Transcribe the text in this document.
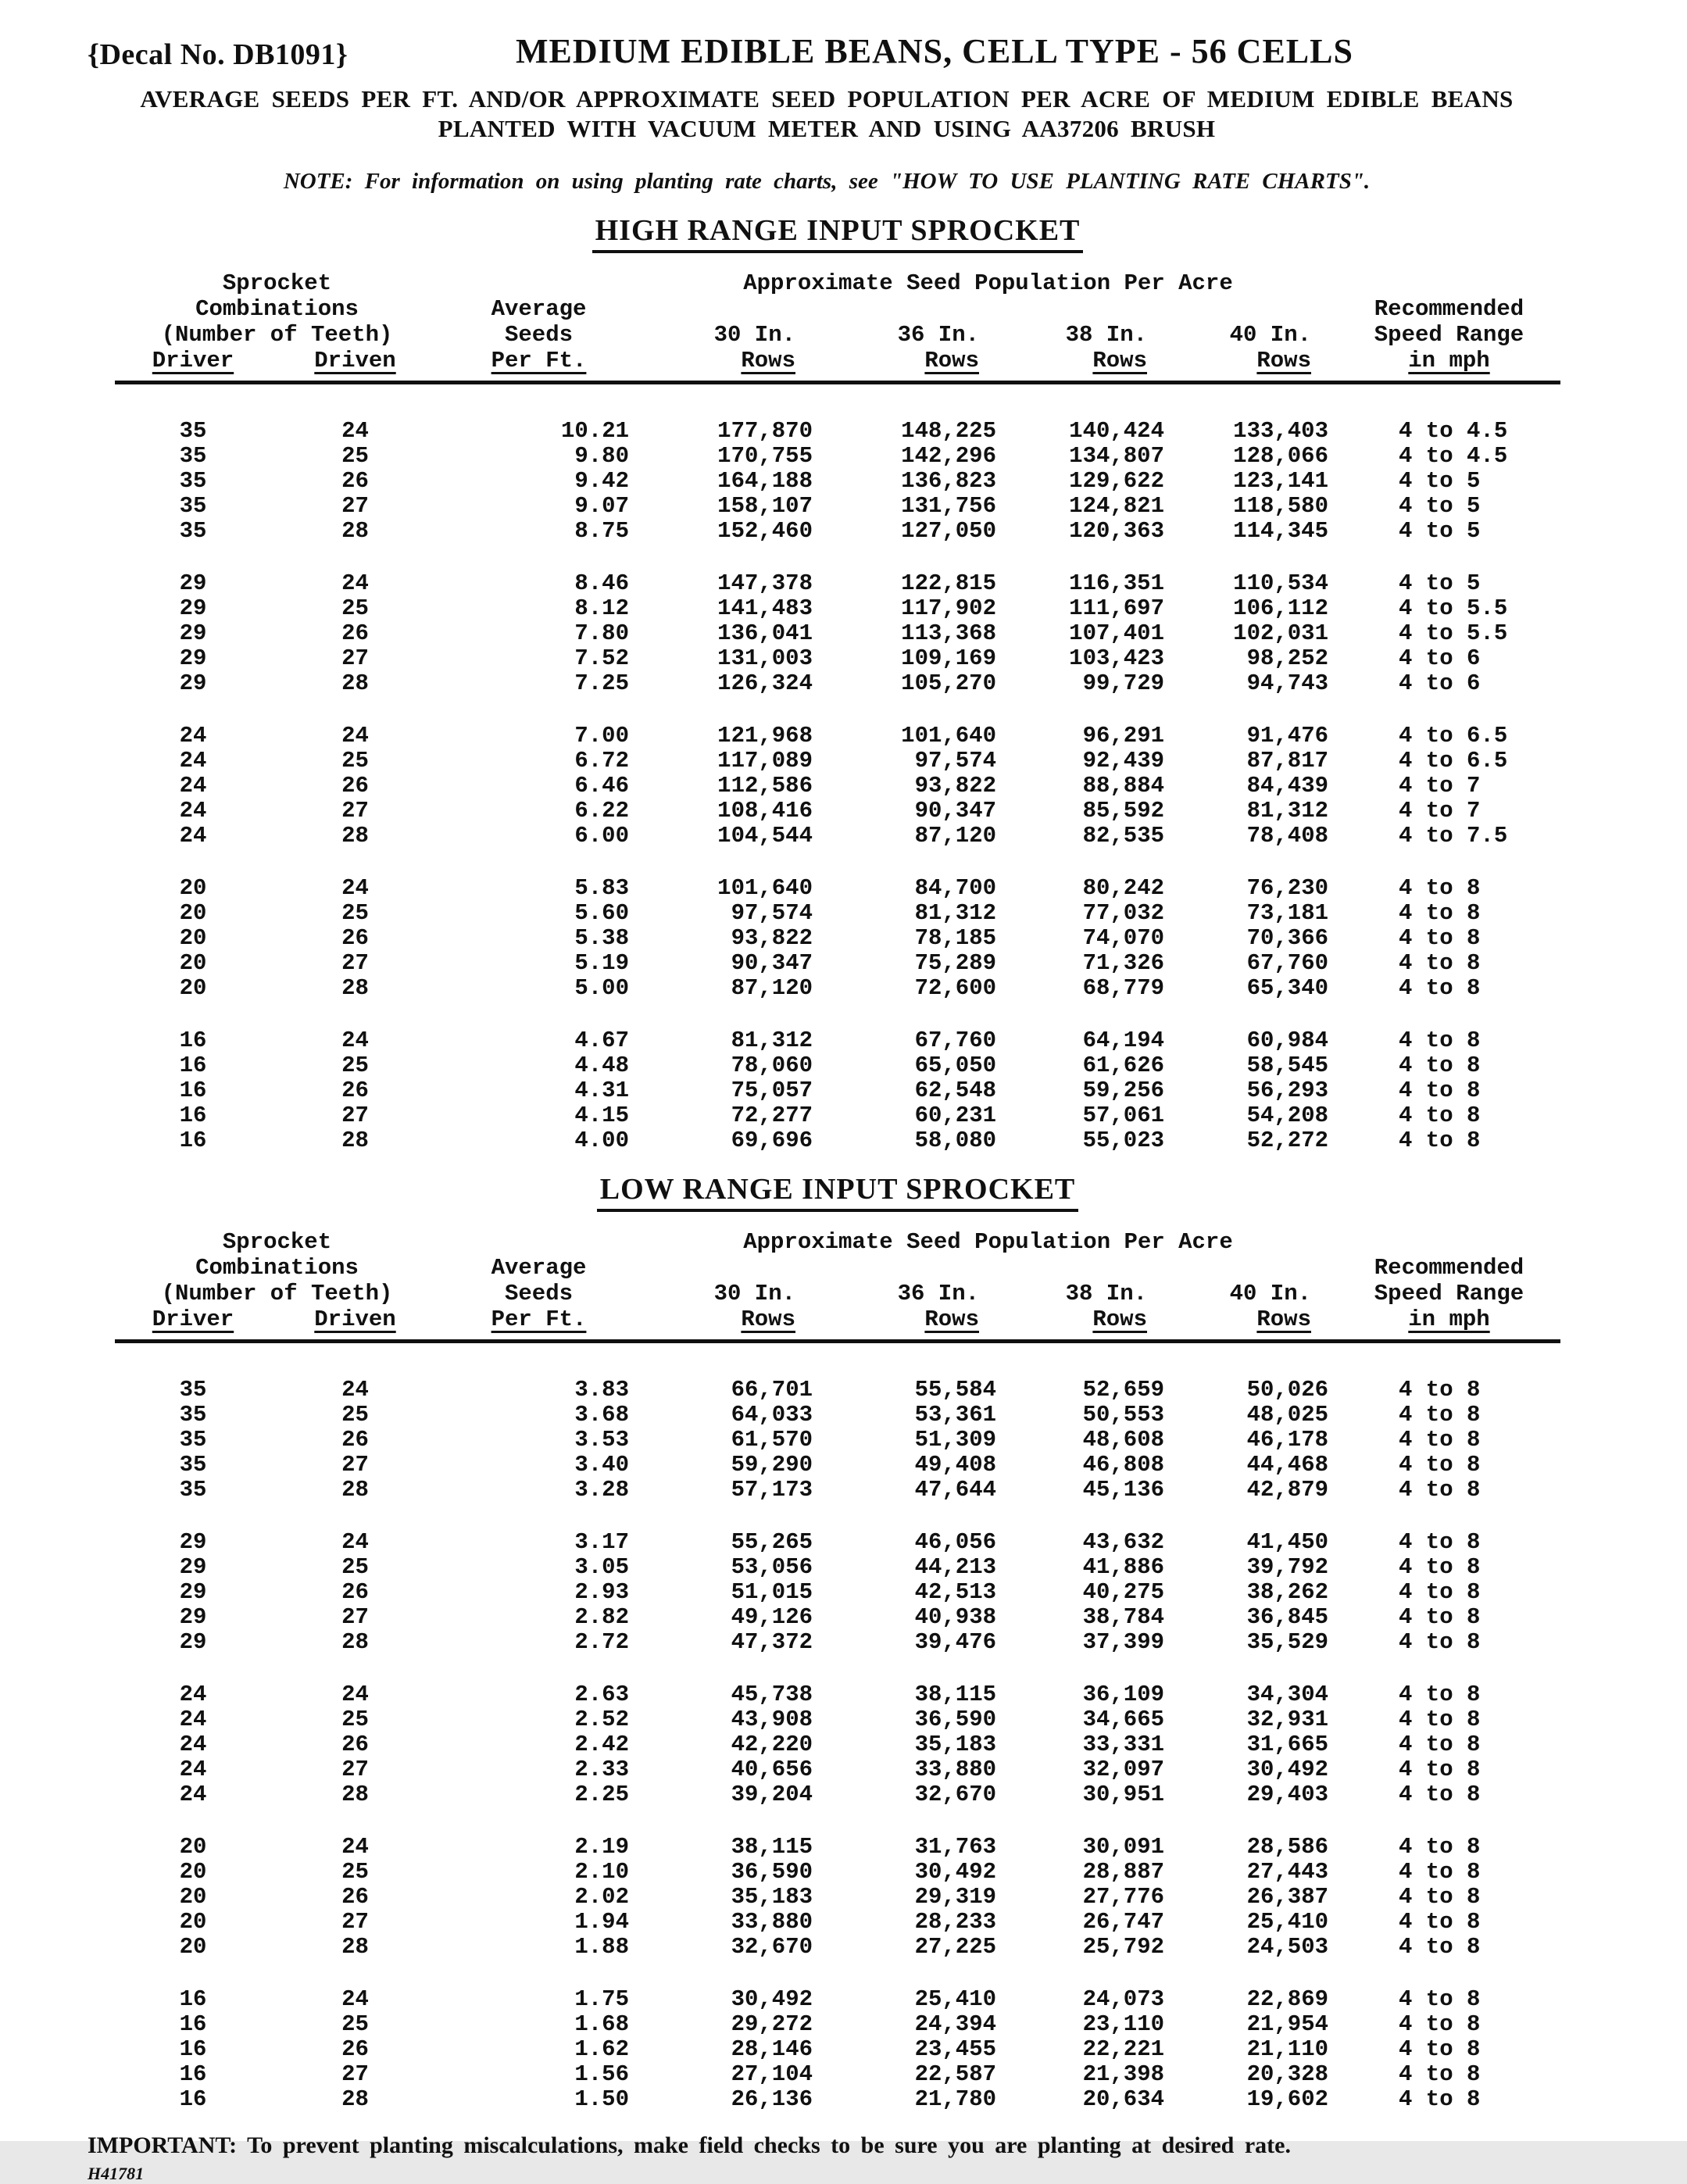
{Decal No. DB1091}	MEDIUM EDIBLE BEANS, CELL TYPE - 56 CELLS
AVERAGE SEEDS PER FT. AND/OR APPROXIMATE SEED POPULATION PER ACRE OF MEDIUM EDIBLE BEANS
PLANTED WITH VACUUM METER AND USING AA37206 BRUSH
NOTE: For information on using planting rate charts, see "HOW TO USE PLANTING RATE CHARTS".
HIGH RANGE INPUT SPROCKET
Sprocket	Approximate Seed Population Per Acre
Combinations	Average	Recommended
(Number of Teeth)	Seeds	30 In.	36 In.	38 In.	40 In.	Speed Range
Driver	Driven	Per Ft.	Rows	Rows	Rows	Rows	in mph
35	24	10.21	177,870	148,225	140,424	133,403	4 to 4.5
35	25	9.80	170,755	142,296	134,807	128,066	4 to 4.5
35	26	9.42	164,188	136,823	129,622	123,141	4 to 5
35	27	9.07	158,107	131,756	124,821	118,580	4 to 5
35	28	8.75	152,460	127,050	120,363	114,345	4 to 5
29	24	8.46	147,378	122,815	116,351	110,534	4 to 5
29	25	8.12	141,483	117,902	111,697	106,112	4 to 5.5
29	26	7.80	136,041	113,368	107,401	102,031	4 to 5.5
29	27	7.52	131,003	109,169	103,423	98,252	4 to 6
29	28	7.25	126,324	105,270	99,729	94,743	4 to 6
24	24	7.00	121,968	101,640	96,291	91,476	4 to 6.5
24	25	6.72	117,089	97,574	92,439	87,817	4 to 6.5
24	26	6.46	112,586	93,822	88,884	84,439	4 to 7
24	27	6.22	108,416	90,347	85,592	81,312	4 to 7
24	28	6.00	104,544	87,120	82,535	78,408	4 to 7.5
20	24	5.83	101,640	84,700	80,242	76,230	4 to 8
20	25	5.60	97,574	81,312	77,032	73,181	4 to 8
20	26	5.38	93,822	78,185	74,070	70,366	4 to 8
20	27	5.19	90,347	75,289	71,326	67,760	4 to 8
20	28	5.00	87,120	72,600	68,779	65,340	4 to 8
16	24	4.67	81,312	67,760	64,194	60,984	4 to 8
16	25	4.48	78,060	65,050	61,626	58,545	4 to 8
16	26	4.31	75,057	62,548	59,256	56,293	4 to 8
16	27	4.15	72,277	60,231	57,061	54,208	4 to 8
16	28	4.00	69,696	58,080	55,023	52,272	4 to 8
LOW RANGE INPUT SPROCKET
Sprocket	Approximate Seed Population Per Acre
Combinations	Average	Recommended
(Number of Teeth)	Seeds	30 In.	36 In.	38 In.	40 In.	Speed Range
Driver	Driven	Per Ft.	Rows	Rows	Rows	Rows	in mph
35	24	3.83	66,701	55,584	52,659	50,026	4 to 8
35	25	3.68	64,033	53,361	50,553	48,025	4 to 8
35	26	3.53	61,570	51,309	48,608	46,178	4 to 8
35	27	3.40	59,290	49,408	46,808	44,468	4 to 8
35	28	3.28	57,173	47,644	45,136	42,879	4 to 8
29	24	3.17	55,265	46,056	43,632	41,450	4 to 8
29	25	3.05	53,056	44,213	41,886	39,792	4 to 8
29	26	2.93	51,015	42,513	40,275	38,262	4 to 8
29	27	2.82	49,126	40,938	38,784	36,845	4 to 8
29	28	2.72	47,372	39,476	37,399	35,529	4 to 8
24	24	2.63	45,738	38,115	36,109	34,304	4 to 8
24	25	2.52	43,908	36,590	34,665	32,931	4 to 8
24	26	2.42	42,220	35,183	33,331	31,665	4 to 8
24	27	2.33	40,656	33,880	32,097	30,492	4 to 8
24	28	2.25	39,204	32,670	30,951	29,403	4 to 8
20	24	2.19	38,115	31,763	30,091	28,586	4 to 8
20	25	2.10	36,590	30,492	28,887	27,443	4 to 8
20	26	2.02	35,183	29,319	27,776	26,387	4 to 8
20	27	1.94	33,880	28,233	26,747	25,410	4 to 8
20	28	1.88	32,670	27,225	25,792	24,503	4 to 8
16	24	1.75	30,492	25,410	24,073	22,869	4 to 8
16	25	1.68	29,272	24,394	23,110	21,954	4 to 8
16	26	1.62	28,146	23,455	22,221	21,110	4 to 8
16	27	1.56	27,104	22,587	21,398	20,328	4 to 8
16	28	1.50	26,136	21,780	20,634	19,602	4 to 8
IMPORTANT: To prevent planting miscalculations, make field checks to be sure you are planting at desired rate.
H41781
